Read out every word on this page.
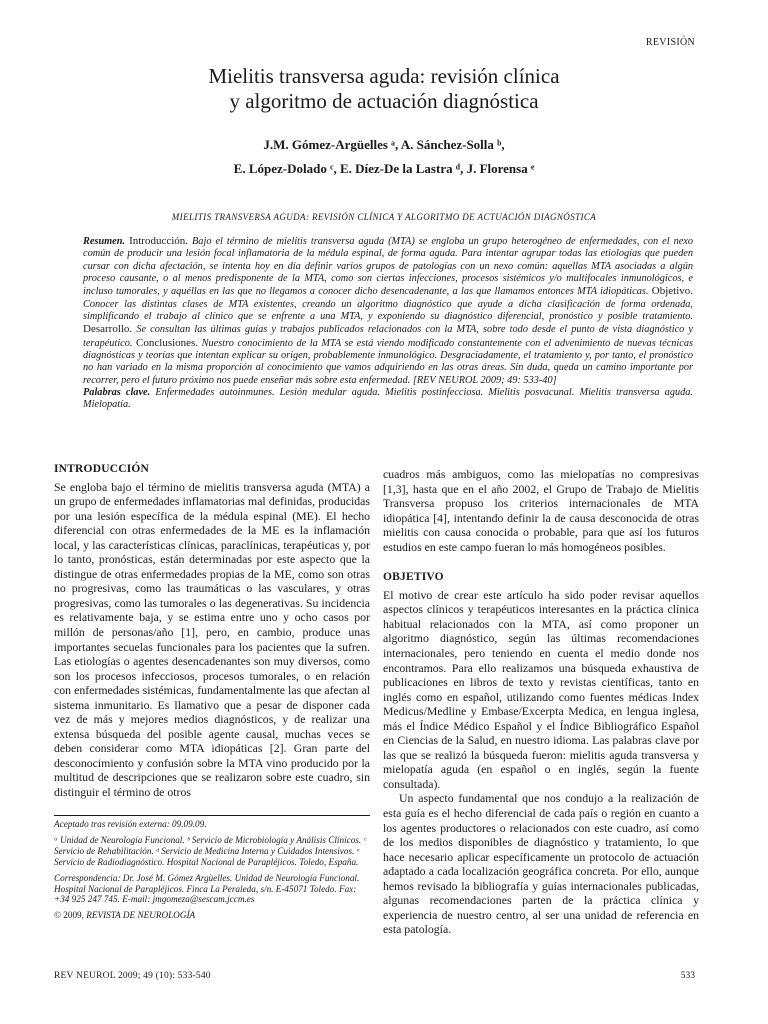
REVISIÓN
Mielitis transversa aguda: revisión clínica
y algoritmo de actuación diagnóstica
J.M. Gómez-Argüelles ᵃ, A. Sánchez-Solla ᵇ,
E. López-Dolado ᶜ, E. Díez-De la Lastra ᵈ, J. Florensa ᵉ
MIELITIS TRANSVERSA AGUDA: REVISIÓN CLÍNICA Y ALGORITMO DE ACTUACIÓN DIAGNÓSTICA

Resumen. Introducción. Bajo el término de mielitis transversa aguda (MTA) se engloba un grupo heterogéneo de enfermedades, con el nexo común de producir una lesión focal inflamatoria de la médula espinal, de forma aguda. Para intentar agrupar todas las etiologías que pueden cursar con dicha afectación, se intenta hoy en día definir varios grupos de patologías con un nexo común: aquellas MTA asociadas a algún proceso causante, o al menos predisponente de la MTA, como son ciertas infecciones, procesos sistémicos y/o multifocales inmunológicos, e incluso tumorales, y aquéllas en las que no llegamos a conocer dicho desencadenante, a las que llamamos entonces MTA idiopáticas. Objetivo. Conocer las distintas clases de MTA existentes, creando un algoritmo diagnóstico que ayude a dicha clasificación de forma ordenada, simplificando el trabajo al clínico que se enfrente a una MTA, y exponiendo su diagnóstico diferencial, pronóstico y posible tratamiento. Desarrollo. Se consultan las últimas guías y trabajos publicados relacionados con la MTA, sobre todo desde el punto de vista diagnóstico y terapéutico. Conclusiones. Nuestro conocimiento de la MTA se está viendo modificado constantemente con el advenimiento de nuevas técnicas diagnósticas y teorías que intentan explicar su origen, probablemente inmunológico. Desgraciadamente, el tratamiento y, por tanto, el pronóstico no han variado en la misma proporción al conocimiento que vamos adquiriendo en las otras áreas. Sin duda, queda un camino importante por recorrer, pero el futuro próximo nos puede enseñar más sobre esta enfermedad. [REV NEUROL 2009; 49: 533-40]

Palabras clave. Enfermedades autoinmunes. Lesión medular aguda. Mielitis postinfecciosa. Mielitis posvacunal. Mielitis transversa aguda. Mielopatía.

INTRODUCCIÓN

Se engloba bajo el término de mielitis transversa aguda (MTA) a un grupo de enfermedades inflamatorias mal definidas, producidas por una lesión específica de la médula espinal (ME). El hecho diferencial con otras enfermedades de la ME es la inflamación local, y las características clínicas, paraclínicas, terapéuticas y, por lo tanto, pronósticas, están determinadas por este aspecto que la distingue de otras enfermedades propias de la ME, como son otras no progresivas, como las traumáticas o las vasculares, y otras progresivas, como las tumorales o las degenerativas. Su incidencia es relativamente baja, y se estima entre uno y ocho casos por millón de personas/año [1], pero, en cambio, produce unas importantes secuelas funcionales para los pacientes que la sufren. Las etiologías o agentes desencadenantes son muy diversos, como son los procesos infecciosos, procesos tumorales, o en relación con enfermedades sistémicas, fundamentalmente las que afectan al sistema inmunitario. Es llamativo que a pesar de disponer cada vez de más y mejores medios diagnósticos, y de realizar una extensa búsqueda del posible agente causal, muchas veces se deben considerar como MTA idiopáticas [2]. Gran parte del desconocimiento y confusión sobre la MTA vino producido por la multitud de descripciones que se realizaron sobre este cuadro, sin distinguir el término de otros

cuadros más ambiguos, como las mielopatías no compresivas [1,3], hasta que en el año 2002, el Grupo de Trabajo de Mielitis Transversa propuso los criterios internacionales de MTA idiopática [4], intentando definir la de causa desconocida de otras mielitis con causa conocida o probable, para que así los futuros estudios en este campo fueran lo más homogéneos posibles.

OBJETIVO

El motivo de crear este artículo ha sido poder revisar aquellos aspectos clínicos y terapéuticos interesantes en la práctica clínica habitual relacionados con la MTA, así como proponer un algoritmo diagnóstico, según las últimas recomendaciones internacionales, pero teniendo en cuenta el medio donde nos encontramos. Para ello realizamos una búsqueda exhaustiva de publicaciones en libros de texto y revistas científicas, tanto en inglés como en español, utilizando como fuentes médicas Index Medicus/Medline y Embase/Excerpta Medica, en lengua inglesa, más el Índice Médico Español y el Índice Bibliográfico Español en Ciencias de la Salud, en nuestro idioma. Las palabras clave por las que se realizó la búsqueda fueron: mielitis aguda transversa y mielopatía aguda (en español o en inglés, según la fuente consultada).

Un aspecto fundamental que nos condujo a la realización de esta guía es el hecho diferencial de cada país o región en cuanto a los agentes productores o relacionados con este cuadro, así como de los medios disponibles de diagnóstico y tratamiento, lo que hace necesario aplicar específicamente un protocolo de actuación adaptado a cada localización geográfica concreta. Por ello, aunque hemos revisado la bibliografía y guías internacionales publicadas, algunas recomendaciones parten de la práctica clínica y experiencia de nuestro centro, al ser una unidad de referencia en esta patología.

Aceptado tras revisión externa: 09.09.09.

ᵃ Unidad de Neurología Funcional. ᵇ Servicio de Microbiología y Análisis Clínicos. ᶜ Servicio de Rehabilitación. ᵈ Servicio de Medicina Interna y Cuidados Intensivos. ᵉ Servicio de Radiodiagnóstico. Hospital Nacional de Parapléjicos. Toledo, España.

Correspondencia: Dr. José M. Gómez Argüelles. Unidad de Neurología Funcional. Hospital Nacional de Parapléjicos. Finca La Peraleda, s/n. E-45071 Toledo. Fax: +34 925 247 745. E-mail: jmgomeza@sescam.jccm.es

© 2009, REVISTA DE NEUROLOGÍA

REV NEUROL 2009; 49 (10): 533-540	533
